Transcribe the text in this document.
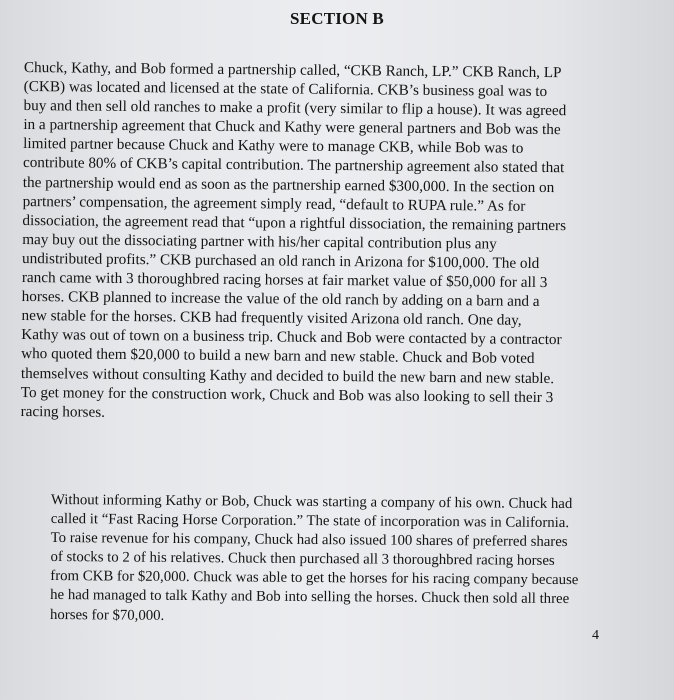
SECTION B

Chuck, Kathy, and Bob formed a partnership called, “CKB Ranch, LP.” CKB Ranch, LP
(CKB) was located and licensed at the state of California. CKB’s business goal was to
buy and then sell old ranches to make a profit (very similar to flip a house). It was agreed
in a partnership agreement that Chuck and Kathy were general partners and Bob was the
limited partner because Chuck and Kathy were to manage CKB, while Bob was to
contribute 80% of CKB’s capital contribution. The partnership agreement also stated that
the partnership would end as soon as the partnership earned $300,000. In the section on
partners’ compensation, the agreement simply read, “default to RUPA rule.” As for
dissociation, the agreement read that “upon a rightful dissociation, the remaining partners
may buy out the dissociating partner with his/her capital contribution plus any
undistributed profits.” CKB purchased an old ranch in Arizona for $100,000. The old
ranch came with 3 thoroughbred racing horses at fair market value of $50,000 for all 3
horses. CKB planned to increase the value of the old ranch by adding on a barn and a
new stable for the horses. CKB had frequently visited Arizona old ranch. One day,
Kathy was out of town on a business trip. Chuck and Bob were contacted by a contractor
who quoted them $20,000 to build a new barn and new stable. Chuck and Bob voted
themselves without consulting Kathy and decided to build the new barn and new stable.
To get money for the construction work, Chuck and Bob was also looking to sell their 3
racing horses.

Without informing Kathy or Bob, Chuck was starting a company of his own. Chuck had
called it “Fast Racing Horse Corporation.” The state of incorporation was in California.
To raise revenue for his company, Chuck had also issued 100 shares of preferred shares
of stocks to 2 of his relatives. Chuck then purchased all 3 thoroughbred racing horses
from CKB for $20,000. Chuck was able to get the horses for his racing company because
he had managed to talk Kathy and Bob into selling the horses. Chuck then sold all three
horses for $70,000.

4
